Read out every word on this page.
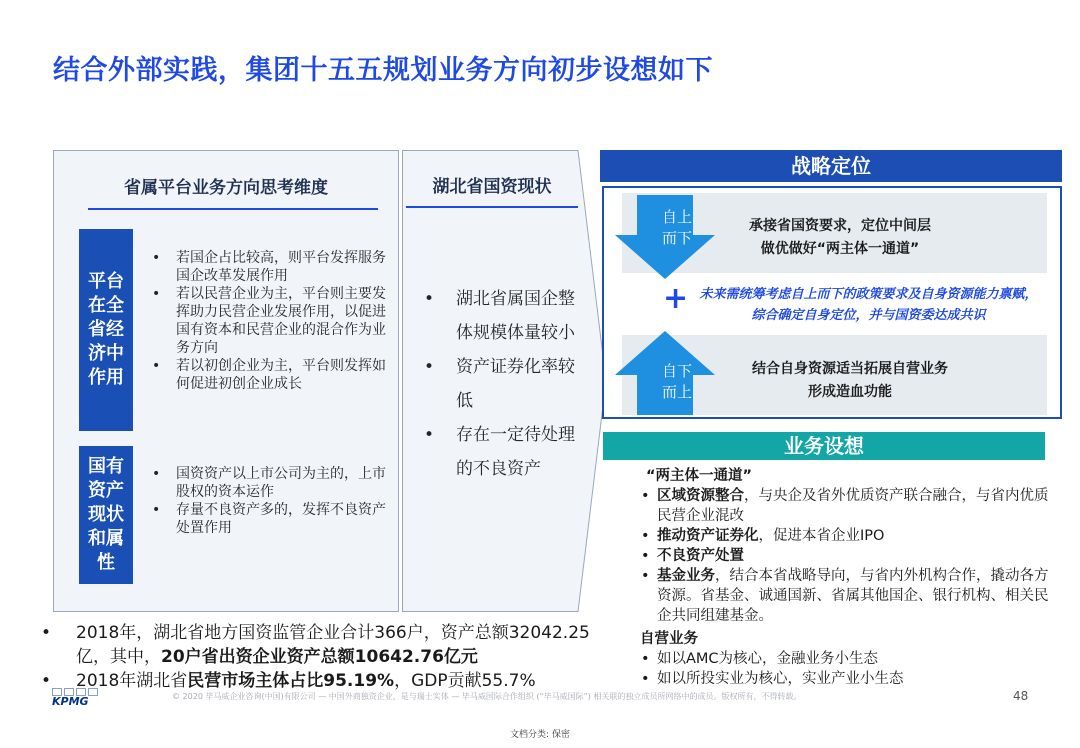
结合外部实践，集团十五五规划业务方向初步设想如下
省属平台业务方向思考维度
平台
在全
省经
济中
作用
• 若国企占比较高，则平台发挥服务国企改革发展作用
• 若以民营企业为主，平台则主要发挥助力民营企业发展作用，以促进国有资本和民营企业的混合作为业务方向
• 若以初创企业为主，平台则发挥如何促进初创企业成长
国有
资产
现状
和属
性
• 国资资产以上市公司为主的，上市股权的资本运作
• 存量不良资产多的，发挥不良资产处置作用
湖北省国资现状
• 湖北省属国企整体规模体量较小
• 资产证券化率较低
• 存在一定待处理的不良资产
战略定位
自上
而下
自下
而上
承接省国资要求，定位中间层
做优做好“两主体一通道”
+ 未来需统筹考虑自上而下的政策要求及自身资源能力禀赋，综合确定自身定位，并与国资委达成共识
结合自身资源适当拓展自营业务
形成造血功能
业务设想
“两主体一通道”
• 区域资源整合，与央企及省外优质资产联合融合，与省内优质民营企业混改
• 推动资产证券化，促进本省企业IPO
• 不良资产处置
• 基金业务，结合本省战略导向，与省内外机构合作，撬动各方资源。省基金、诚通国新、省属其他国企、银行机构、相关民企共同组建基金。
自营业务
• 如以AMC为核心，金融业务小生态
• 如以所投实业为核心，实业产业小生态
• 2018年，湖北省地方国资监管企业合计366户，资产总额32042.25亿，其中，20户省出资企业资产总额10642.76亿元
• 2018年湖北省民营市场主体占比95.19%，GDP贡献55.7%
KPMG	© 2020 毕马威企业咨询(中国)有限公司 — 中国外商独资企业，是与瑞士实体 — 毕马威国际合作组织 (“毕马威国际”) 相关联的独立成员所网络中的成员。版权所有，不得转载。	48
文档分类: 保密
